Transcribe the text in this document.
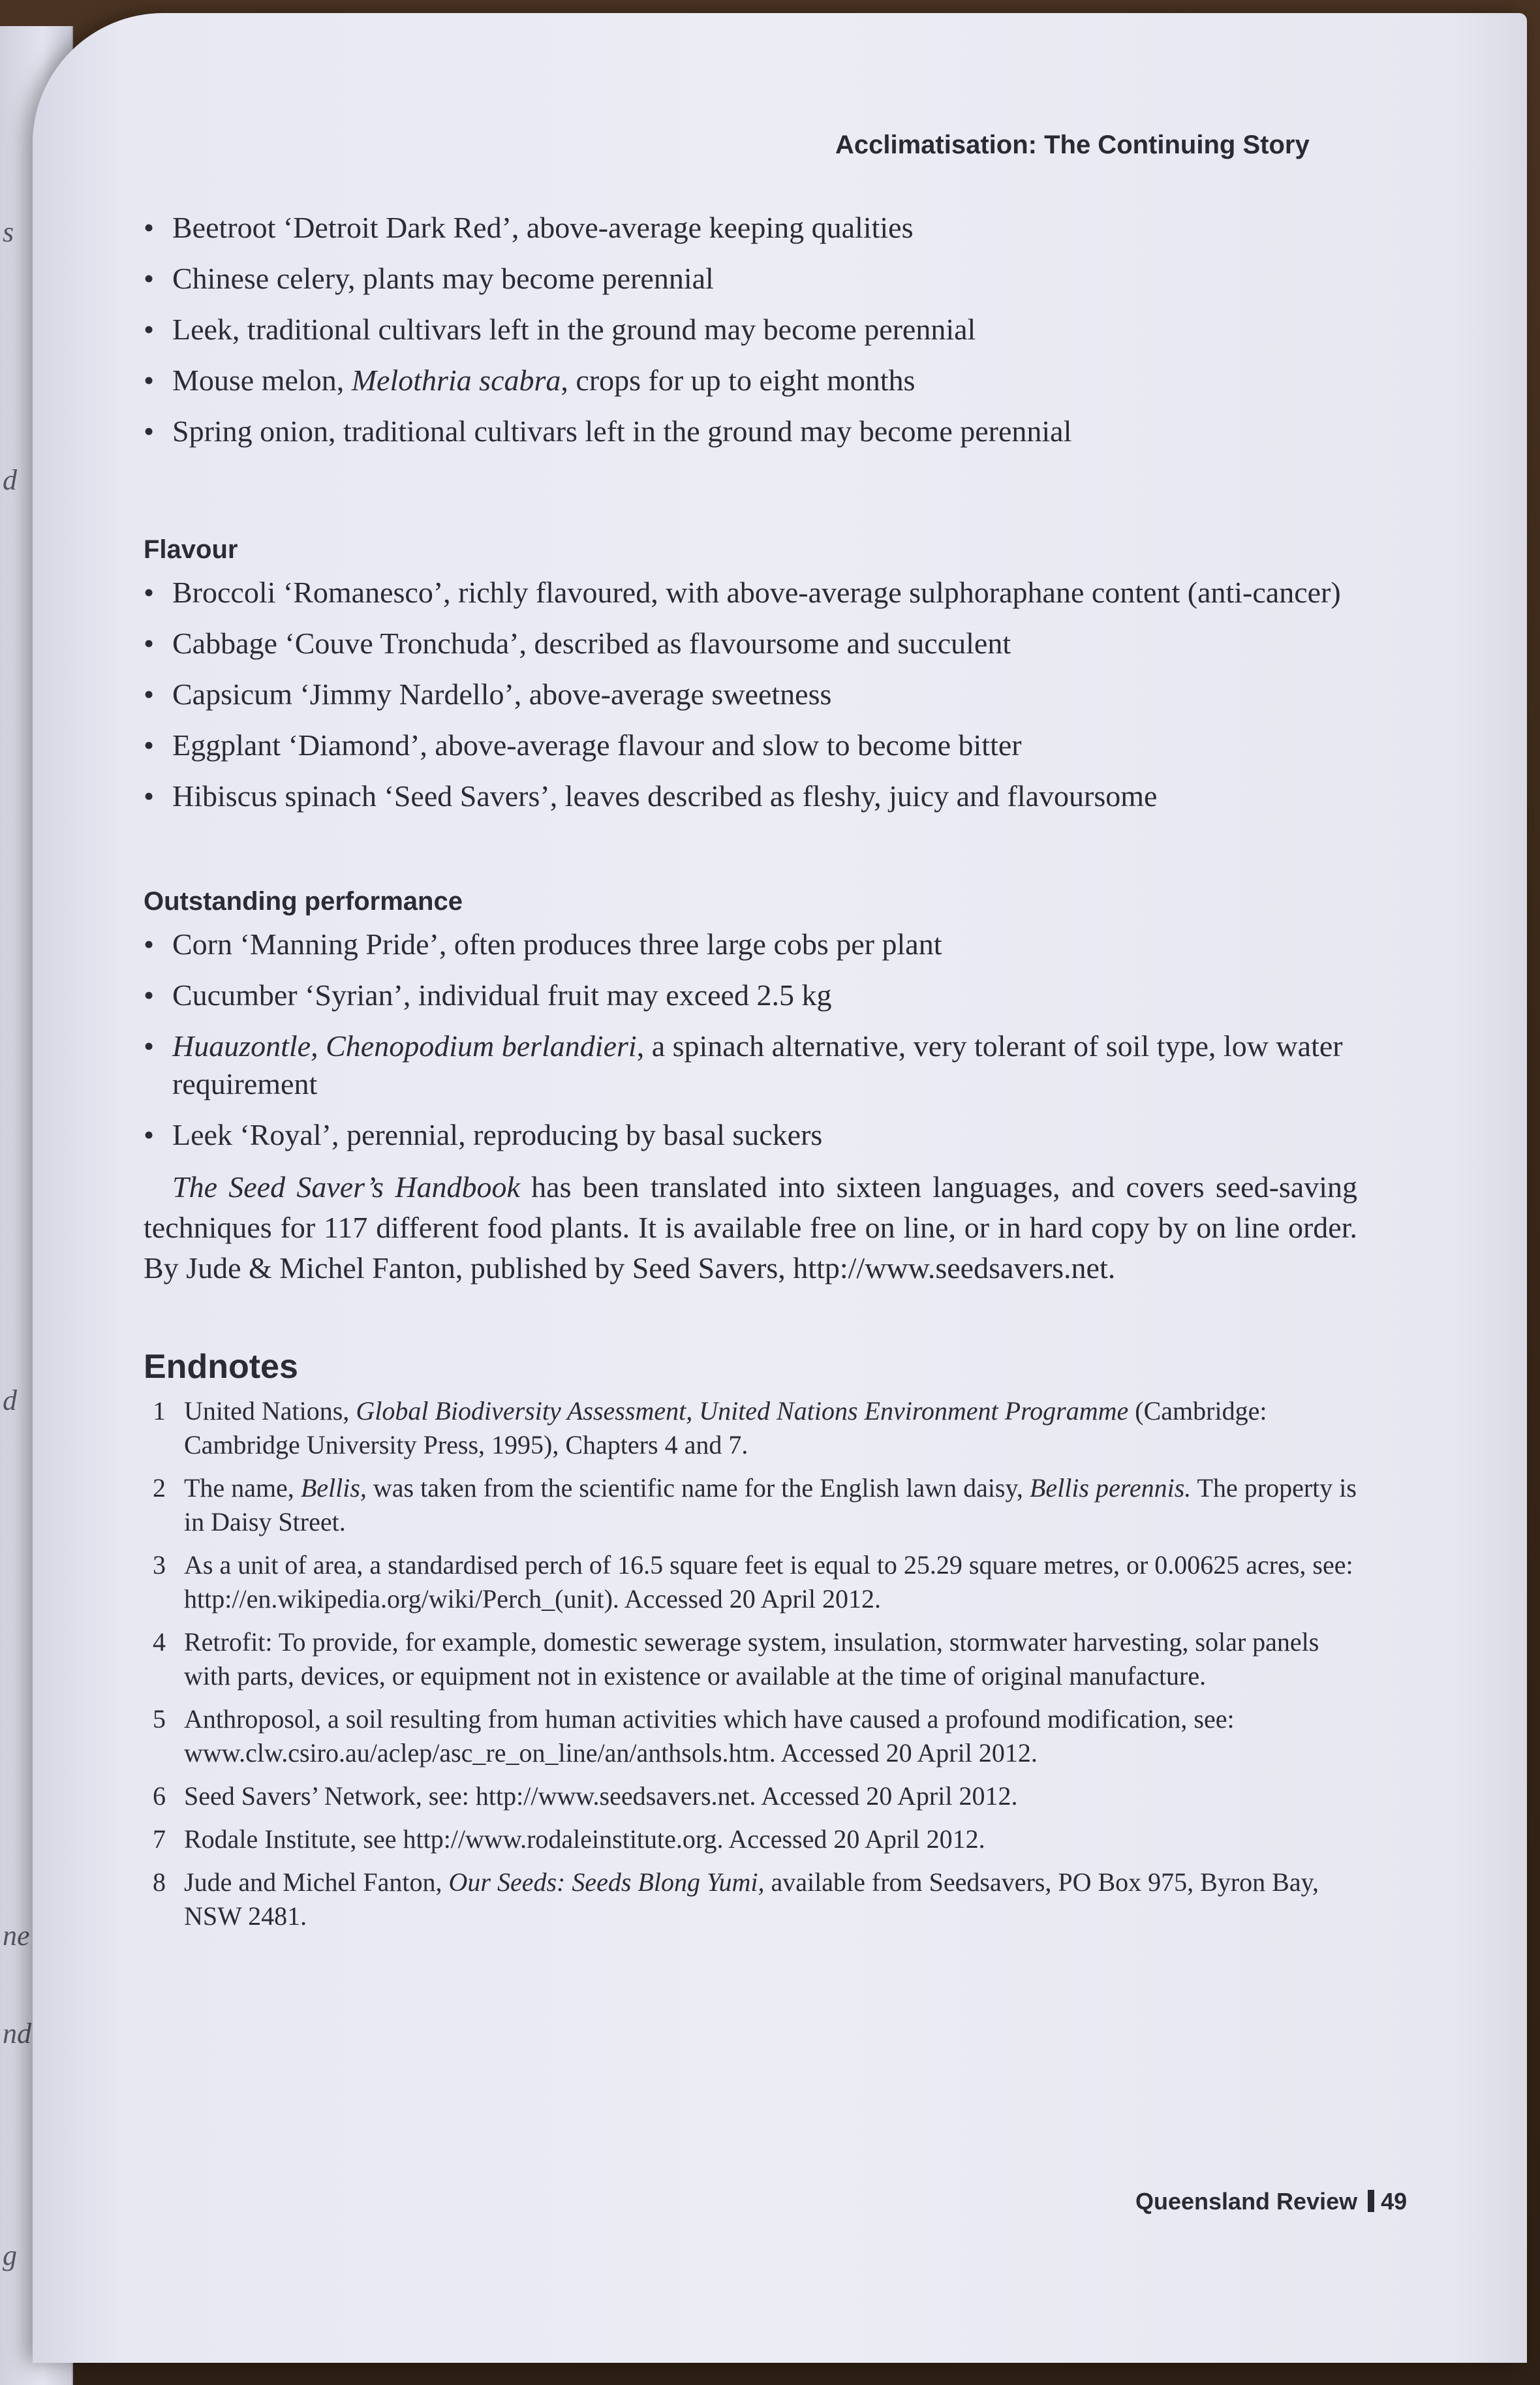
s
d
d
ne
nd
g
Acclimatisation: The Continuing Story
• Beetroot ‘Detroit Dark Red’, above-average keeping qualities
• Chinese celery, plants may become perennial
• Leek, traditional cultivars left in the ground may become perennial
• Mouse melon, Melothria scabra, crops for up to eight months
• Spring onion, traditional cultivars left in the ground may become perennial
Flavour
• Broccoli ‘Romanesco’, richly flavoured, with above-average sulphoraphane content (anti-cancer)
• Cabbage ‘Couve Tronchuda’, described as flavoursome and succulent
• Capsicum ‘Jimmy Nardello’, above-average sweetness
• Eggplant ‘Diamond’, above-average flavour and slow to become bitter
• Hibiscus spinach ‘Seed Savers’, leaves described as fleshy, juicy and flavoursome
Outstanding performance
• Corn ‘Manning Pride’, often produces three large cobs per plant
• Cucumber ‘Syrian’, individual fruit may exceed 2.5 kg
• Huauzontle, Chenopodium berlandieri, a spinach alternative, very tolerant of soil type, low water requirement
• Leek ‘Royal’, perennial, reproducing by basal suckers

The Seed Saver’s Handbook has been translated into sixteen languages, and covers seed-saving techniques for 117 different food plants. It is available free on line, or in hard copy by on line order. By Jude & Michel Fanton, published by Seed Savers, http://www.seedsavers.net.

Endnotes
1 United Nations, Global Biodiversity Assessment, United Nations Environment Programme (Cambridge: Cambridge University Press, 1995), Chapters 4 and 7.
2 The name, Bellis, was taken from the scientific name for the English lawn daisy, Bellis perennis. The property is in Daisy Street.
3 As a unit of area, a standardised perch of 16.5 square feet is equal to 25.29 square metres, or 0.00625 acres, see: http://en.wikipedia.org/wiki/Perch_(unit). Accessed 20 April 2012.
4 Retrofit: To provide, for example, domestic sewerage system, insulation, stormwater harvesting, solar panels with parts, devices, or equipment not in existence or available at the time of original manufacture.
5 Anthroposol, a soil resulting from human activities which have caused a profound modification, see: www.clw.csiro.au/aclep/asc_re_on_line/an/anthsols.htm. Accessed 20 April 2012.
6 Seed Savers’ Network, see: http://www.seedsavers.net. Accessed 20 April 2012.
7 Rodale Institute, see http://www.rodaleinstitute.org. Accessed 20 April 2012.
8 Jude and Michel Fanton, Our Seeds: Seeds Blong Yumi, available from Seedsavers, PO Box 975, Byron Bay, NSW 2481.
Queensland Review 49
